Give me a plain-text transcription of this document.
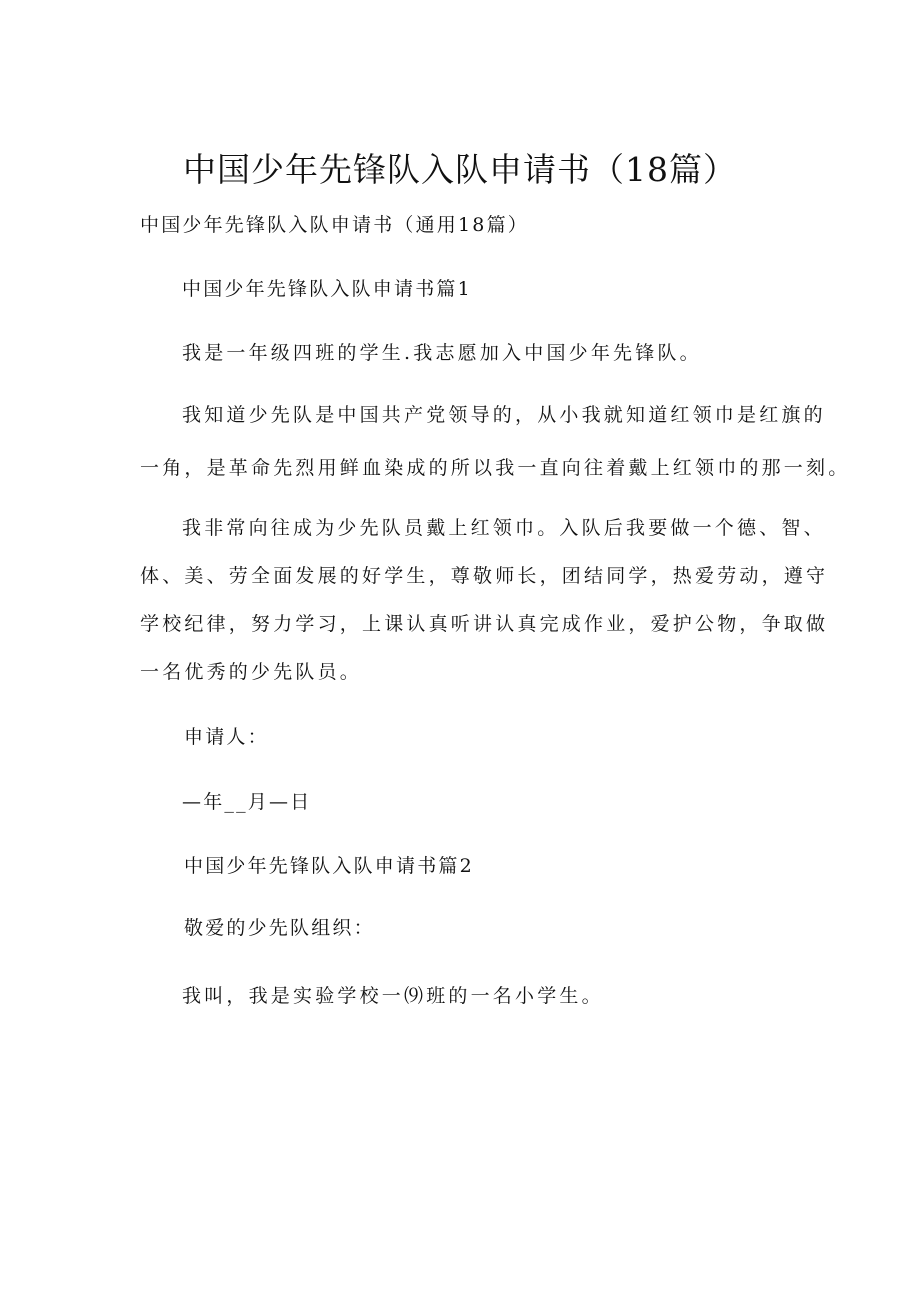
中国少年先锋队入队申请书（18篇）
中国少年先锋队入队申请书（通用18篇）
中国少年先锋队入队申请书篇1
我是一年级四班的学生.我志愿加入中国少年先锋队。
我知道少先队是中国共产党领导的，从小我就知道红领巾是红旗的
一角，是革命先烈用鲜血染成的所以我一直向往着戴上红领巾的那一刻。
我非常向往成为少先队员戴上红领巾。入队后我要做一个德、智、
体、美、劳全面发展的好学生，尊敬师长，团结同学，热爱劳动，遵守
学校纪律，努力学习，上课认真听讲认真完成作业，爱护公物，争取做
一名优秀的少先队员。
申请人：
—年__月—日
中国少年先锋队入队申请书篇2
敬爱的少先队组织：
我叫，我是实验学校一⑼班的一名小学生。
